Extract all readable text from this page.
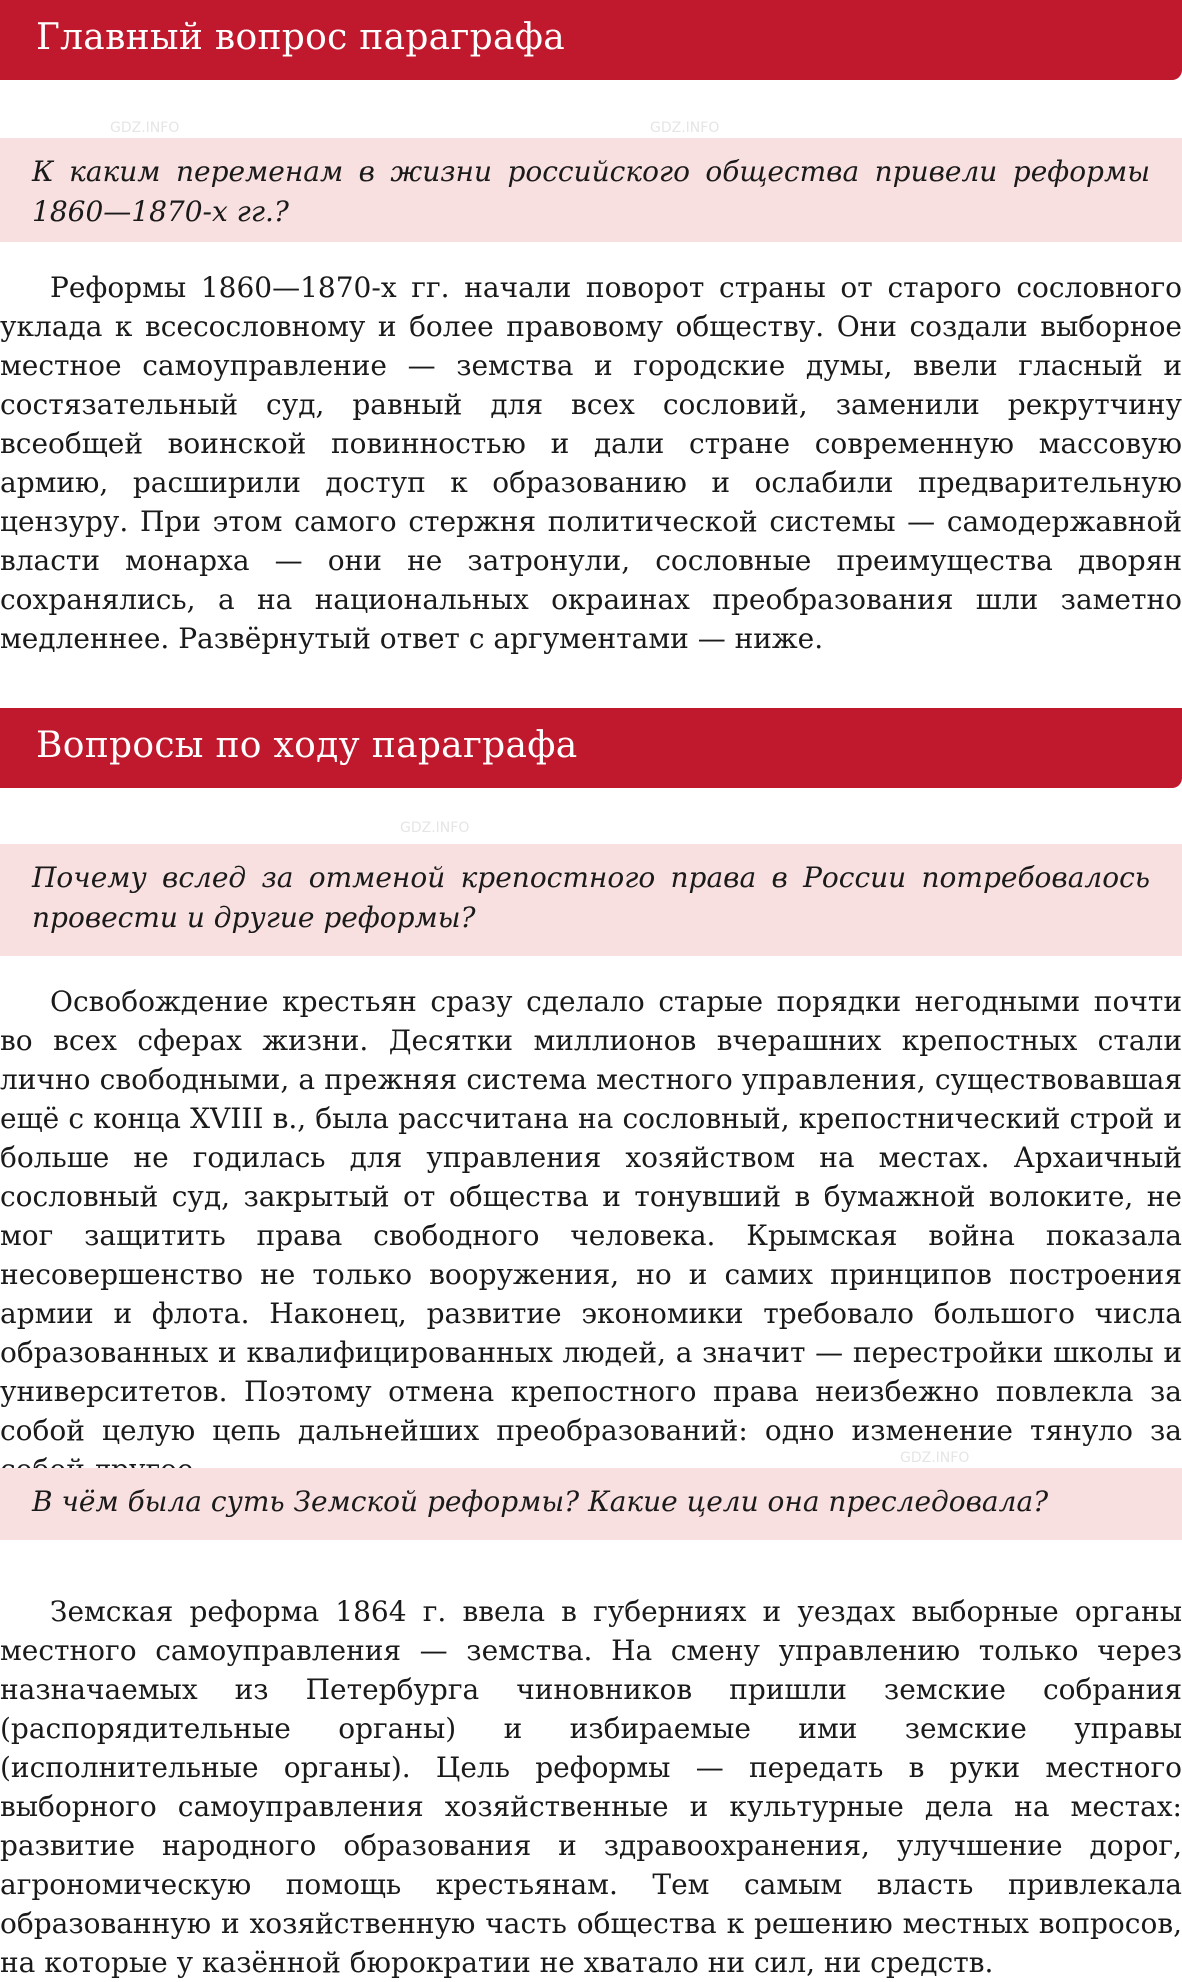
Главный вопрос параграфа
К каким переменам в жизни российского общества привели реформы 1860—1870-х гг.?
Реформы 1860—1870-х гг. начали поворот страны от старого сословного уклада к всесословному и более правовому обществу. Они создали выборное местное самоуправление — земства и городские думы, ввели гласный и состязательный суд, равный для всех сословий, заменили рекрутчину всеобщей воинской повинностью и дали стране современную массовую армию, расширили доступ к образованию и ослабили предварительную цензуру. При этом самого стержня политической системы — самодержавной власти монарха — они не затронули, сословные преимущества дворян сохранялись, а на национальных окраинах преобразования шли заметно медленнее. Развёрнутый ответ с аргументами — ниже.
Вопросы по ходу параграфа
Почему вслед за отменой крепостного права в России потребовалось провести и другие реформы?
Освобождение крестьян сразу сделало старые порядки негодными почти во всех сферах жизни. Десятки миллионов вчерашних крепостных стали лично свободными, а прежняя система местного управления, существовавшая ещё с конца XVIII в., была рассчитана на сословный, крепостнический строй и больше не годилась для управления хозяйством на местах. Архаичный сословный суд, закрытый от общества и тонувший в бумажной волоките, не мог защитить права свободного человека. Крымская война показала несовершенство не только вооружения, но и самих принципов построения армии и флота. Наконец, развитие экономики требовало большого числа образованных и квалифицированных людей, а значит — перестройки школы и университетов. Поэтому отмена крепостного права неизбежно повлекла за собой целую цепь дальнейших преобразований: одно изменение тянуло за
В чём была суть Земской реформы? Какие цели она преследовала?
Земская реформа 1864 г. ввела в губерниях и уездах выборные органы местного самоуправления — земства. На смену управлению только через назначаемых из Петербурга чиновников пришли земские собрания (распорядительные органы) и избираемые ими земские управы (исполнительные органы). Цель реформы — передать в руки местного выборного самоуправления хозяйственные и культурные дела на местах: развитие народного образования и здравоохранения, улучшение дорог, агрономическую помощь крестьянам. Тем самым власть привлекала образованную и хозяйственную часть общества к решению местных вопросов, на которые у казённой бюрократии не хватало ни сил, ни средств.
GDZ.INFO	GDZ.INFO
GDZ.INFO
GDZ.INFO
